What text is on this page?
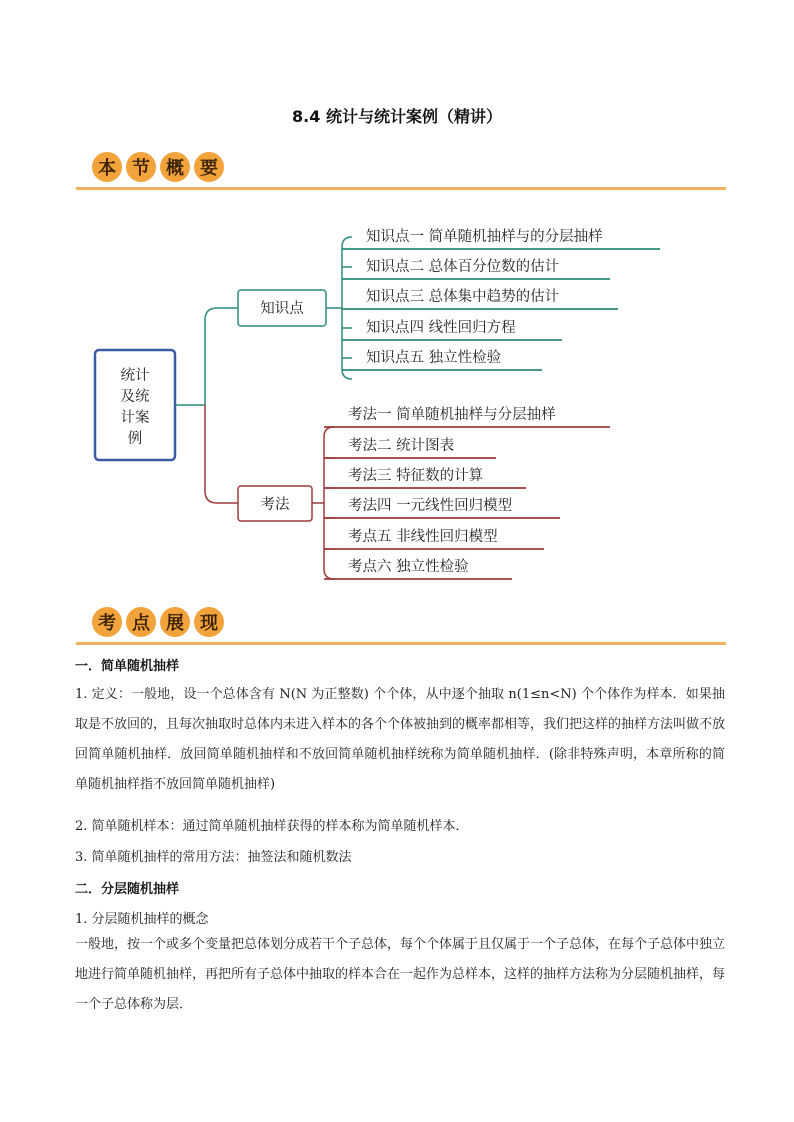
8.4 统计与统计案例（精讲）
本 节 概 要
统计
及统
计案
例
知识点
知识点一 简单随机抽样与的分层抽样
知识点二 总体百分位数的估计
知识点三 总体集中趋势的估计
知识点四 线性回归方程
知识点五 独立性检验
考法
考法一 简单随机抽样与分层抽样
考法二 统计图表
考法三 特征数的计算
考法四 一元线性回归模型
考点五 非线性回归模型
考点六 独立性检验
考 点 展 现
一．简单随机抽样
1. 定义：一般地，设一个总体含有 N(N 为正整数) 个个体，从中逐个抽取 n(1≤n<N) 个个体作为样本．如果抽取是不放回的，且每次抽取时总体内未进入样本的各个个体被抽到的概率都相等，我们把这样的抽样方法叫做不放回简单随机抽样．放回简单随机抽样和不放回简单随机抽样统称为简单随机抽样．(除非特殊声明，本章所称的简单随机抽样指不放回简单随机抽样)
2. 简单随机样本：通过简单随机抽样获得的样本称为简单随机样本．
3. 简单随机抽样的常用方法：抽签法和随机数法
二．分层随机抽样
1. 分层随机抽样的概念
一般地，按一个或多个变量把总体划分成若干个子总体，每个个体属于且仅属于一个子总体，在每个子总体中独立地进行简单随机抽样，再把所有子总体中抽取的样本合在一起作为总样本，这样的抽样方法称为分层随机抽样，每一个子总体称为层．
